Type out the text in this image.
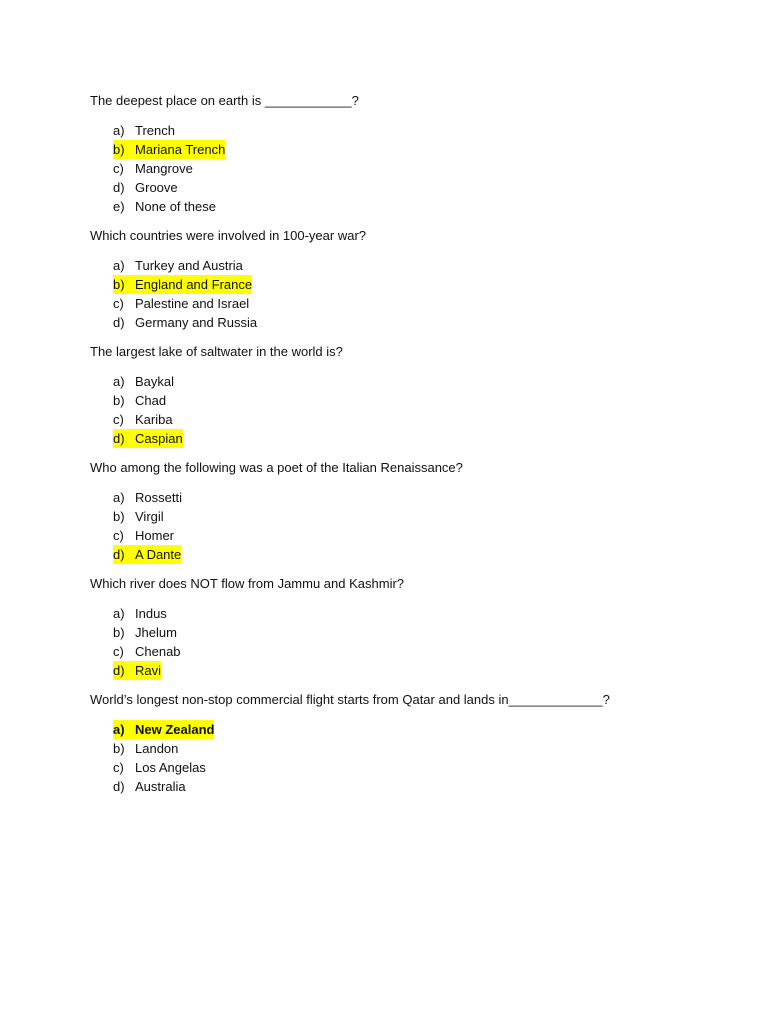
The deepest place on earth is ____________?
a) Trench
b) Mariana Trench
c) Mangrove
d) Groove
e) None of these
Which countries were involved in 100-year war?
a) Turkey and Austria
b) England and France
c) Palestine and Israel
d) Germany and Russia
The largest lake of saltwater in the world is?
a) Baykal
b) Chad
c) Kariba
d) Caspian
Who among the following was a poet of the Italian Renaissance?
a) Rossetti
b) Virgil
c) Homer
d) A Dante
Which river does NOT flow from Jammu and Kashmir?
a) Indus
b) Jhelum
c) Chenab
d) Ravi
World’s longest non-stop commercial flight starts from Qatar and lands in_____________?
a) New Zealand
b) Landon
c) Los Angelas
d) Australia
